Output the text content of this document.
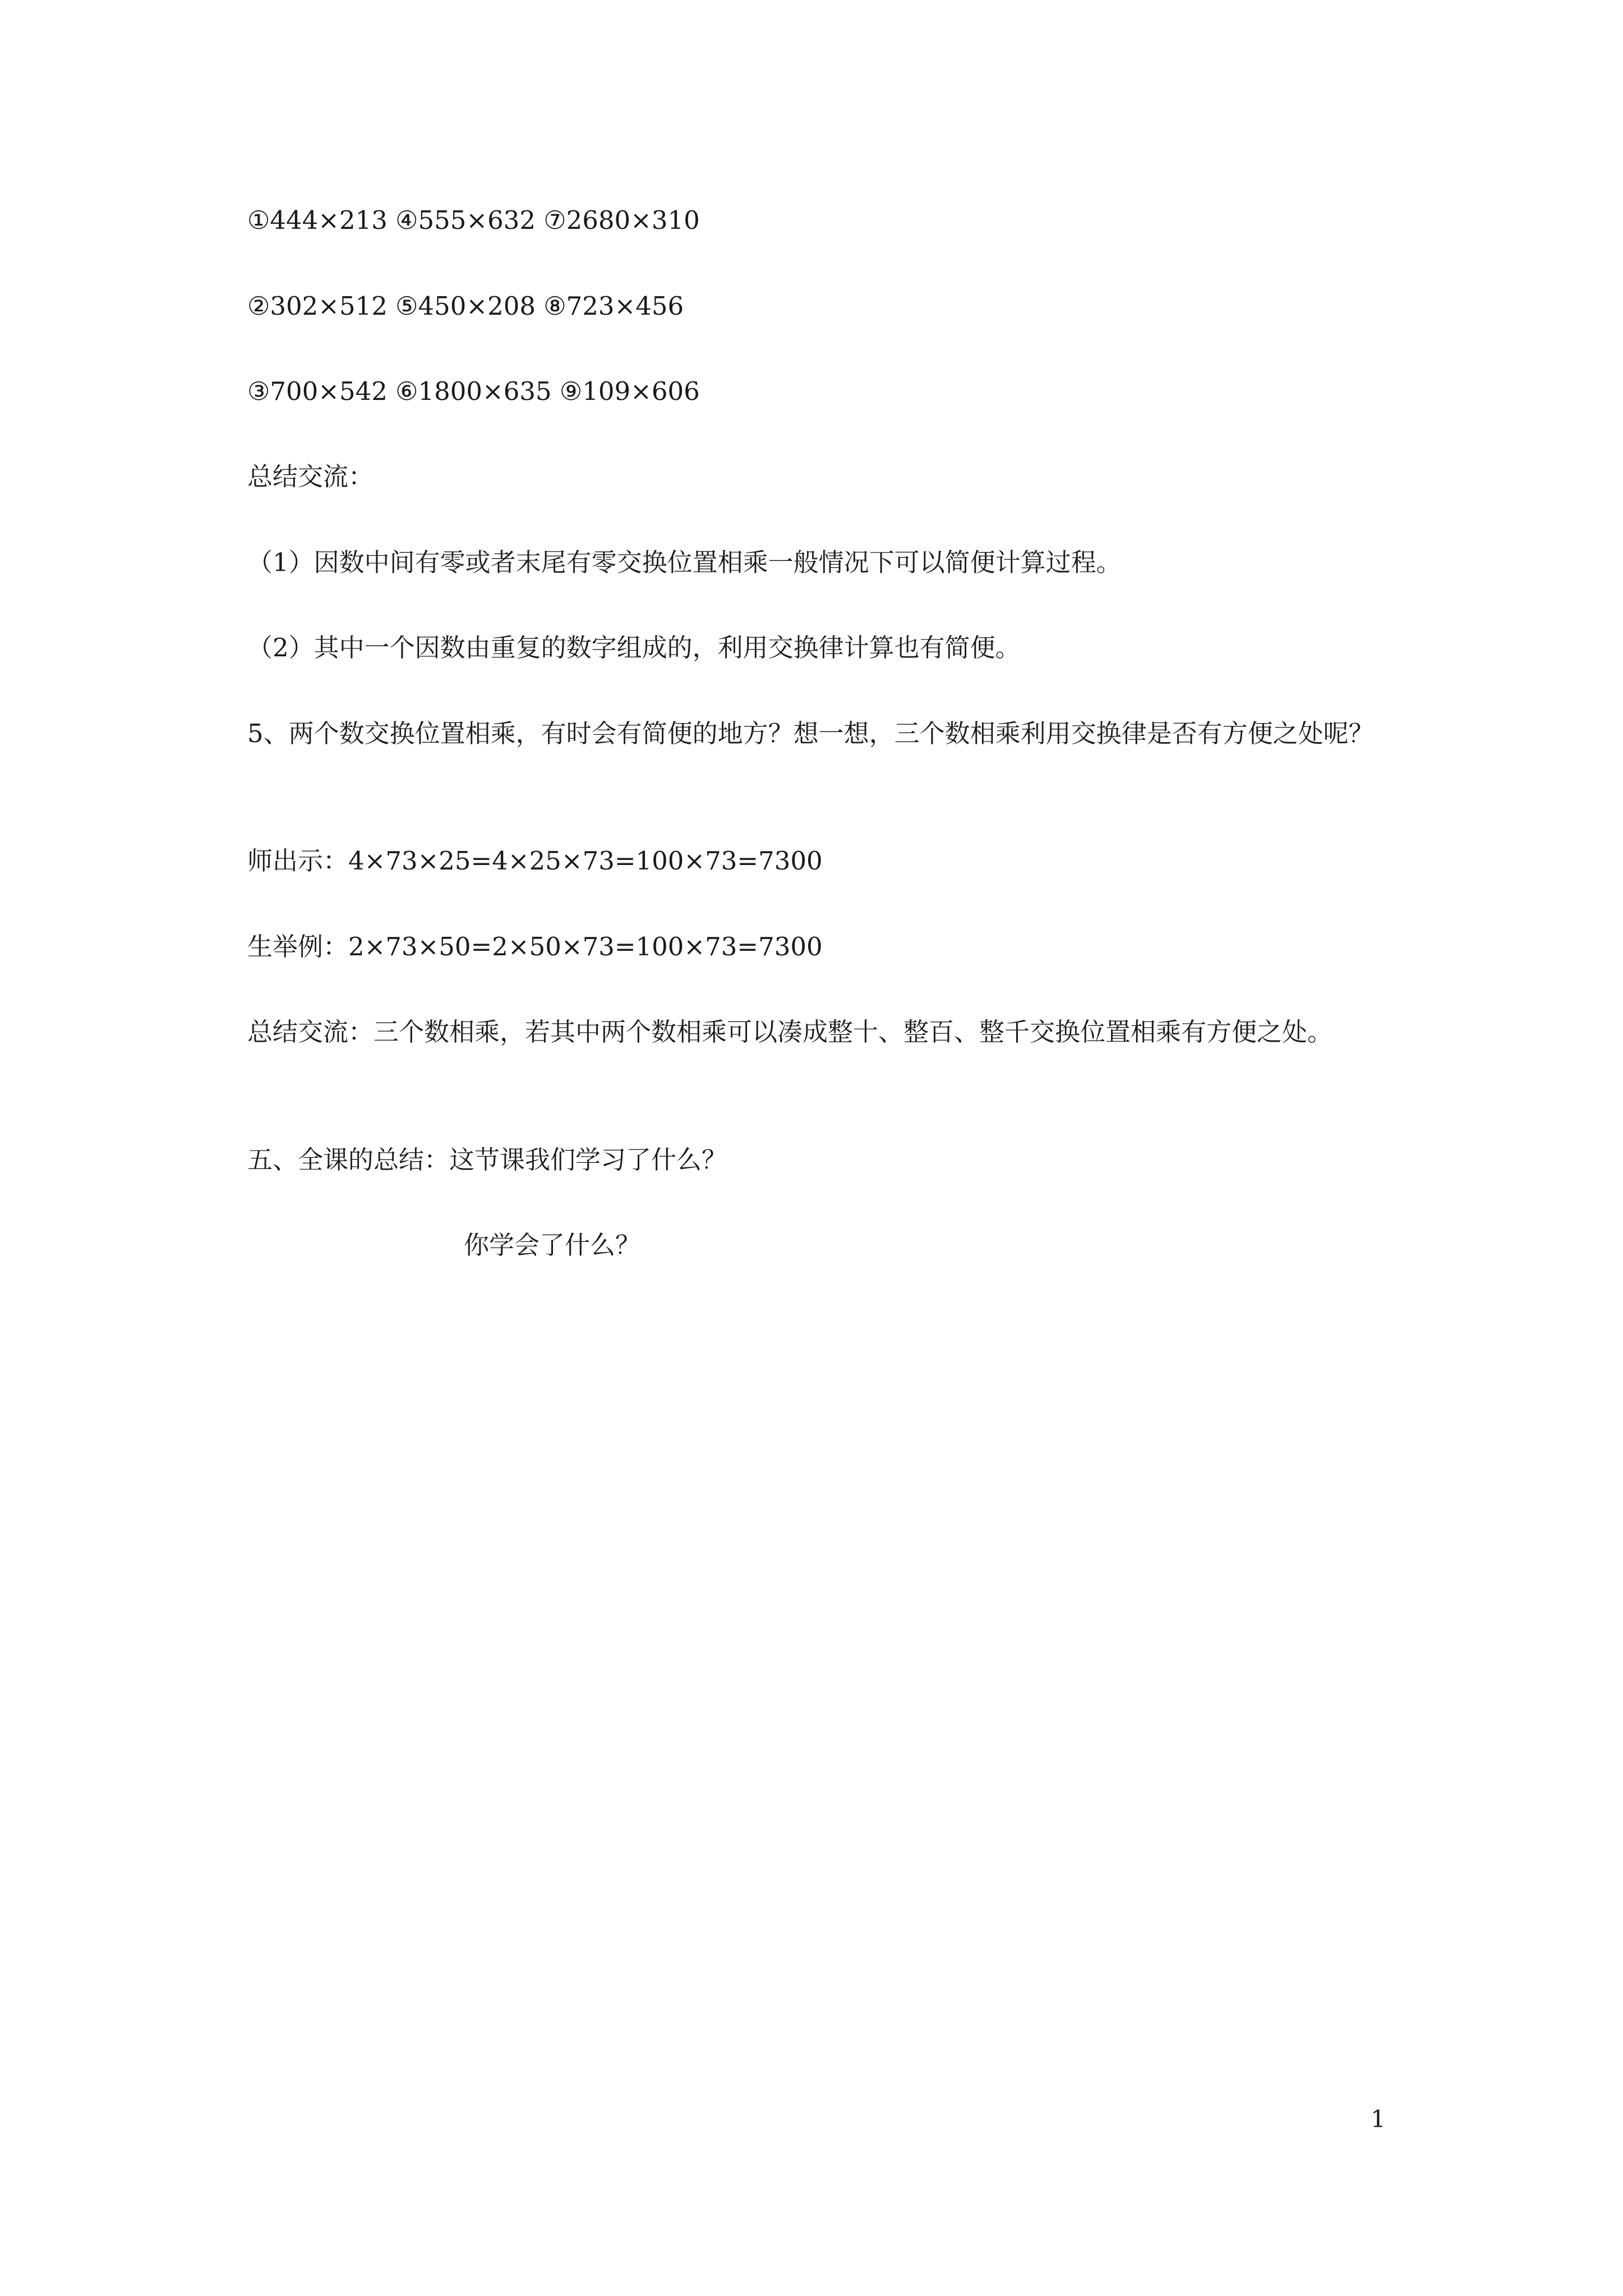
①444×213 ④555×632 ⑦2680×310
②302×512 ⑤450×208 ⑧723×456
③700×542 ⑥1800×635 ⑨109×606
总结交流：
（1）因数中间有零或者末尾有零交换位置相乘一般情况下可以简便计算过程。
（2）其中一个因数由重复的数字组成的，利用交换律计算也有简便。
5、两个数交换位置相乘，有时会有简便的地方？想一想，三个数相乘利用交换律是否有方便之处呢？
师出示：4×73×25=4×25×73=100×73=7300
生举例：2×73×50=2×50×73=100×73=7300
总结交流：三个数相乘，若其中两个数相乘可以凑成整十、整百、整千交换位置相乘有方便之处。
五、全课的总结：这节课我们学习了什么？
你学会了什么？
1
